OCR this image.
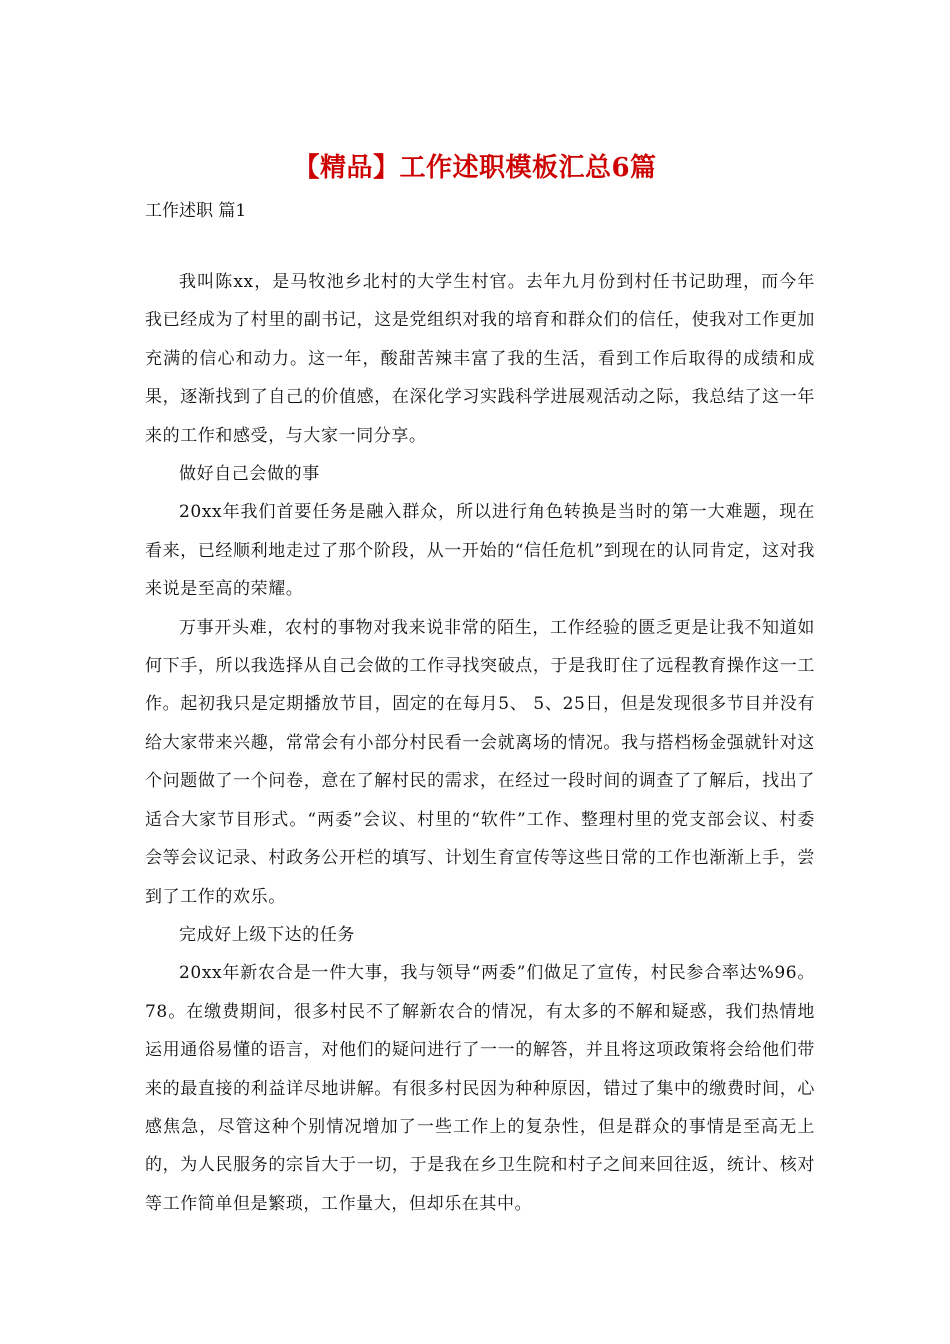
【精品】工作述职模板汇总6篇
工作述职 篇1

我叫陈xx，是马牧池乡北村的大学生村官。去年九月份到村任书记助理，而今年我已经成为了村里的副书记，这是党组织对我的培育和群众们的信任，使我对工作更加充满的信心和动力。这一年，酸甜苦辣丰富了我的生活，看到工作后取得的成绩和成果，逐渐找到了自己的价值感，在深化学习实践科学进展观活动之际，我总结了这一年来的工作和感受，与大家一同分享。

做好自己会做的事

20xx年我们首要任务是融入群众，所以进行角色转换是当时的第一大难题，现在看来，已经顺利地走过了那个阶段，从一开始的“信任危机”到现在的认同肯定，这对我来说是至高的荣耀。

万事开头难，农村的事物对我来说非常的陌生，工作经验的匮乏更是让我不知道如何下手，所以我选择从自己会做的工作寻找突破点，于是我盯住了远程教育操作这一工作。起初我只是定期播放节目，固定的在每月5、 5、25日，但是发现很多节目并没有给大家带来兴趣，常常会有小部分村民看一会就离场的情况。我与搭档杨金强就针对这个问题做了一个问卷，意在了解村民的需求，在经过一段时间的调查了了解后，找出了适合大家节目形式。“两委”会议、村里的“软件”工作、整理村里的党支部会议、村委会等会议记录、村政务公开栏的填写、计划生育宣传等这些日常的工作也渐渐上手，尝到了工作的欢乐。

完成好上级下达的任务

20xx年新农合是一件大事，我与领导“两委”们做足了宣传，村民参合率达%96。78。在缴费期间，很多村民不了解新农合的情况，有太多的不解和疑惑，我们热情地运用通俗易懂的语言，对他们的疑问进行了一一的解答，并且将这项政策将会给他们带来的最直接的利益详尽地讲解。有很多村民因为种种原因，错过了集中的缴费时间，心感焦急，尽管这种个别情况增加了一些工作上的复杂性，但是群众的事情是至高无上的，为人民服务的宗旨大于一切，于是我在乡卫生院和村子之间来回往返，统计、核对等工作简单但是繁琐，工作量大，但却乐在其中。
